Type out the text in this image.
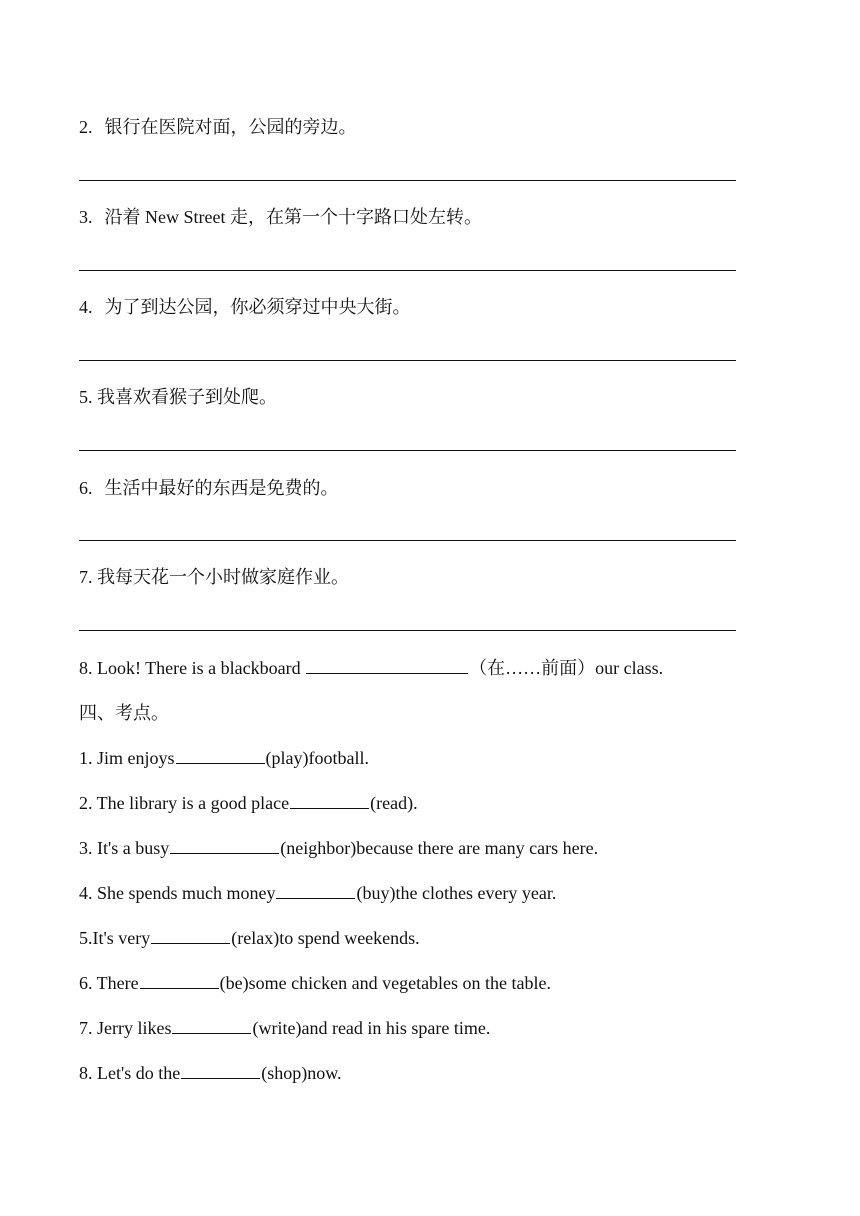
2. 银行在医院对面，公园的旁边。
3. 沿着 New Street 走，在第一个十字路口处左转。
4. 为了到达公园，你必须穿过中央大街。
5. 我喜欢看猴子到处爬。
6. 生活中最好的东西是免费的。
7. 我每天花一个小时做家庭作业。
8. Look! There is a blackboard	（在……前面）our class.
四、考点。
1. Jim enjoys	(play)football.
2. The library is a good place	(read).
3. It's a busy	(neighbor)because there are many cars here.
4. She spends much money	(buy)the clothes every year.
5.It's very	(relax)to spend weekends.
6. There	(be)some chicken and vegetables on the table.
7. Jerry likes	(write)and read in his spare time.
8. Let's do the	(shop)now.
